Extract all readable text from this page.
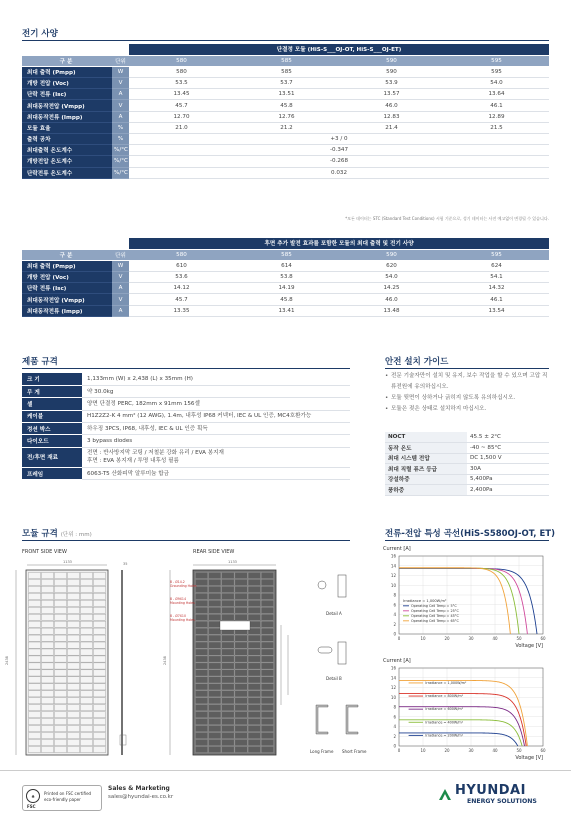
전기 사양
		단결정 모듈 (HiS-S___OJ-OT, HiS-S___OJ-ET)			
구 분	단위	580	585	590	595
최대 출력 (Pmpp)	W	580	585	590	595
개방 전압 (Voc)	V	53.5	53.7	53.9	54.0
단락 전류 (Isc)	A	13.45	13.51	13.57	13.64
최대동작전압 (Vmpp)	V	45.7	45.8	46.0	46.1
최대동작전류 (Impp)	A	12.70	12.76	12.83	12.89
모듈 효율	%	21.0	21.2	21.4	21.5
출력 공차	%	+3 / 0			
최대출력 온도계수	%/°C	-0.347			
개방전압 온도계수	%/°C	-0.268			
단락전류 온도계수	%/°C	0.032			
*모든 데이터는 STC (Standard Test Conditions) 시험 기준으로, 성기 데이터는 사전 예고없이 변경될 수 있습니다.
		후면 추가 발전 효과를 포함한 모듈의 최대 출력 및 전기 사양			
구 분	단위	580	585	590	595
최대 출력 (Pmpp)	W	610	614	620	624
개방 전압 (Voc)	V	53.6	53.8	54.0	54.1
단락 전류 (Isc)	A	14.12	14.19	14.25	14.32
최대동작전압 (Vmpp)	V	45.7	45.8	46.0	46.1
최대동작전류 (Impp)	A	13.35	13.41	13.48	13.54
제품 규격
크 기	1,133mm (W) x 2,438 (L) x 35mm (H)
무 게	약 30.0kg
셀	양면 단결정 PERC, 182mm x 91mm 156셀
케이블	H1Z2Z2-K 4 mm² (12 AWG), 1.4m, 내후성 IP68 커넥터, IEC & UL 인증, MC4호환가능
정션 박스	하우징 3PCS, IP68, 내후성, IEC & UL 인증 획득
다이오드	3 bypass diodes
전/후면 재료	전면 : 반사방지막 코팅 / 저철분 강화 유리 / EVA 봉지재
후면 : EVA 봉지재 / 투명 내후성 필름
프레임	6063-T5 산화피막 알루미늄 합금
안전 설치 가이드
• 전문 기술자만이 설치 및 유지, 보수 작업을 할 수 있으며 고압 직류전원에 유의하십시오.
• 모듈 뒷면이 상하거나 긁히지 않도록 유의하십시오.
• 모듈은 젖은 상태로 설치하지 마십시오.
NOCT	45.5 ± 2°C
동작 온도	-40 ~ 85°C
최대 시스템 전압	DC 1,500 V
최대 직렬 퓨즈 등급	30A
강설하중	5,400Pa
풍하중	2,400Pa
모듈 규격 (단위 : mm)
FRONT SIDE VIEW	REAR SIDE VIEW
1133
2438
35	1133
2438
8 - Ø14.2 Grounding Holes
8 - Ø9X14 Mounting Holes
8 - Ø7X10 Mounting Holes
Detail A
Detail B
Long Frame Short Frame
전류-전압 특성 곡선(HiS-S580OJ-OT, ET)
Current [A]
0
2
4
6
8
10
12
14
16
0	10	20	30	40	50	60
Voltage [V]
Irradiance = 1,000W/m²
Operating Cell Temp = 5°C
Operating Cell Temp = 25°C
Operating Cell Temp = 45°C
Operating Cell Temp = 65°C
Current [A]
0
2
4
6
8
10
12
14
16
0	10	20	30	40	50	60
Voltage [V]
Irradiance = 1,000W/m²
Irradiance = 800W/m²
Irradiance = 600W/m²
Irradiance = 400W/m²
Irradiance = 200W/m²
♣
FSC
Printed on FSC certified eco-friendly paper
Sales & Marketing
sales@hyundai-es.co.kr	HYUNDAI
ENERGY SOLUTIONS
